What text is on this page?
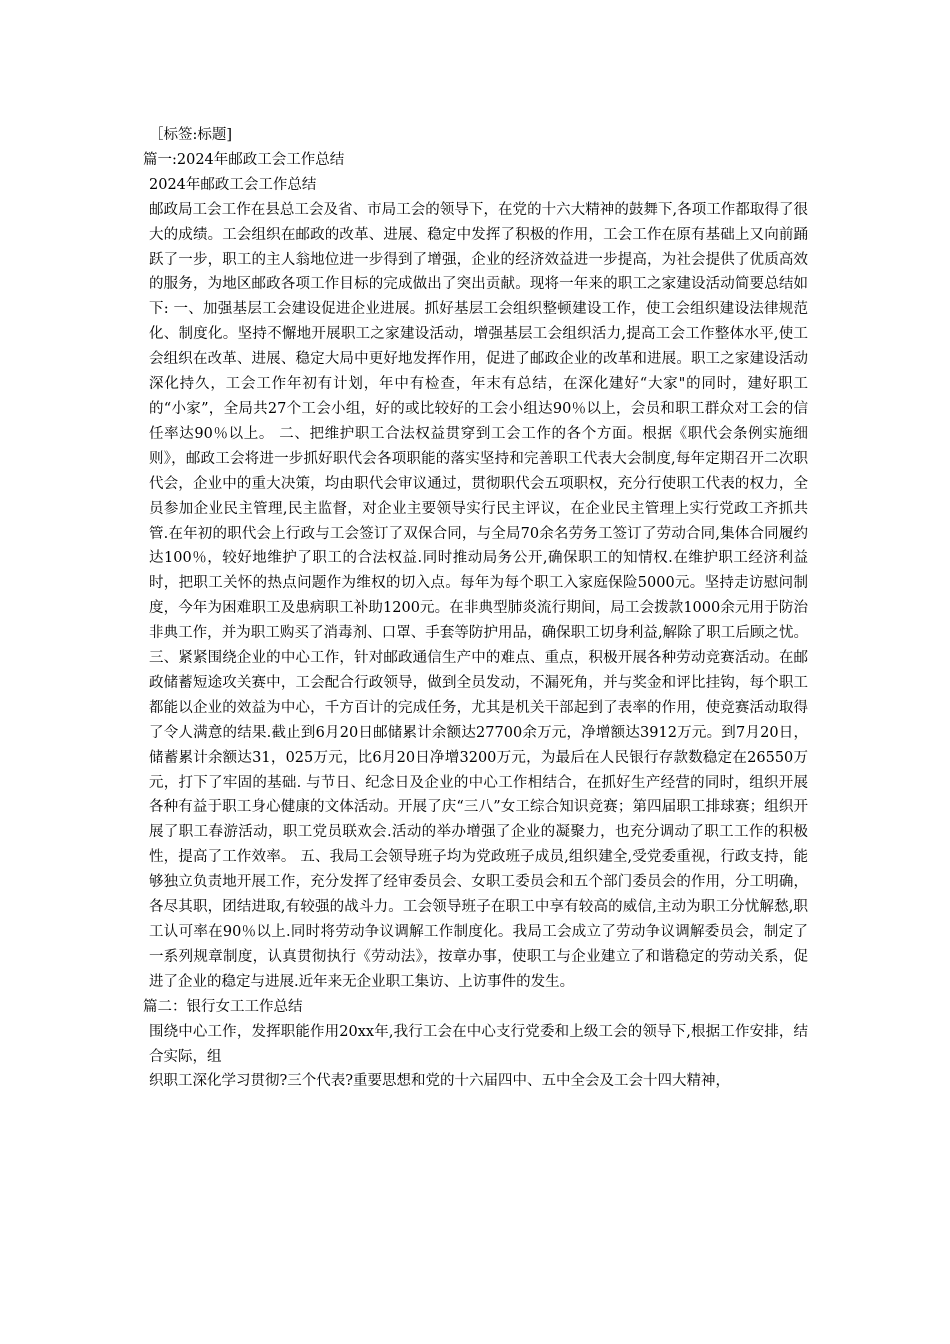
［标签:标题]

篇一:2024年邮政工会工作总结

2024年邮政工会工作总结

邮政局工会工作在县总工会及省、市局工会的领导下，在党的十六大精神的鼓舞下,各项工作都取得了很大的成绩。工会组织在邮政的改革、进展、稳定中发挥了积极的作用，工会工作在原有基础上又向前踊跃了一步，职工的主人翁地位进一步得到了增强，企业的经济效益进一步提高，为社会提供了优质高效的服务，为地区邮政各项工作目标的完成做出了突出贡献。现将一年来的职工之家建设活动简要总结如下: 一、加强基层工会建设促进企业进展。抓好基层工会组织整顿建设工作，使工会组织建设法律规范化、制度化。坚持不懈地开展职工之家建设活动，增强基层工会组织活力,提高工会工作整体水平,使工会组织在改革、进展、稳定大局中更好地发挥作用，促进了邮政企业的改革和进展。职工之家建设活动深化持久，工会工作年初有计划，年中有检查，年末有总结，在深化建好“大家"的同时，建好职工的“小家”，全局共27个工会小组，好的或比较好的工会小组达90％以上，会员和职工群众对工会的信任率达90％以上。 二、把维护职工合法权益贯穿到工会工作的各个方面。根据《职代会条例实施细则》，邮政工会将进一步抓好职代会各项职能的落实坚持和完善职工代表大会制度,每年定期召开二次职代会，企业中的重大决策，均由职代会审议通过，贯彻职代会五项职权，充分行使职工代表的权力，全员参加企业民主管理,民主监督，对企业主要领导实行民主评议，在企业民主管理上实行党政工齐抓共管.在年初的职代会上行政与工会签订了双保合同，与全局70余名劳务工签订了劳动合同,集体合同履约达100％，较好地维护了职工的合法权益.同时推动局务公开,确保职工的知情权.在维护职工经济利益时，把职工关怀的热点问题作为维权的切入点。每年为每个职工入家庭保险5000元。坚持走访慰问制度，今年为困难职工及患病职工补助1200元。在非典型肺炎流行期间，局工会拨款1000余元用于防治非典工作，并为职工购买了消毒剂、口罩、手套等防护用品，确保职工切身利益,解除了职工后顾之忧。 三、紧紧围绕企业的中心工作，针对邮政通信生产中的难点、重点，积极开展各种劳动竞赛活动。在邮政储蓄短途攻关赛中，工会配合行政领导，做到全员发动，不漏死角，并与奖金和评比挂钩，每个职工都能以企业的效益为中心，千方百计的完成任务，尤其是机关干部起到了表率的作用，使竞赛活动取得了令人满意的结果.截止到6月20日邮储累计余额达27700余万元，净增额达3912万元。到7月20日，储蓄累计余额达31，025万元，比6月20日净增3200万元，为最后在人民银行存款数稳定在26550万元，打下了牢固的基础. 与节日、纪念日及企业的中心工作相结合，在抓好生产经营的同时，组织开展各种有益于职工身心健康的文体活动。开展了庆“三八”女工综合知识竞赛；第四届职工排球赛；组织开展了职工春游活动，职工党员联欢会.活动的举办增强了企业的凝聚力，也充分调动了职工工作的积极性，提高了工作效率。 五、我局工会领导班子均为党政班子成员,组织建全,受党委重视，行政支持，能够独立负责地开展工作，充分发挥了经审委员会、女职工委员会和五个部门委员会的作用，分工明确，各尽其职，团结进取,有较强的战斗力。工会领导班子在职工中享有较高的威信,主动为职工分忧解愁,职工认可率在90％以上.同时将劳动争议调解工作制度化。我局工会成立了劳动争议调解委员会，制定了一系列规章制度，认真贯彻执行《劳动法》，按章办事，使职工与企业建立了和谐稳定的劳动关系，促进了企业的稳定与进展.近年来无企业职工集访、上访事件的发生。

篇二：银行女工工作总结

围绕中心工作，发挥职能作用20xx年,我行工会在中心支行党委和上级工会的领导下,根据工作安排，结合实际，组

织职工深化学习贯彻?三个代表?重要思想和党的十六届四中、五中全会及工会十四大精神，
